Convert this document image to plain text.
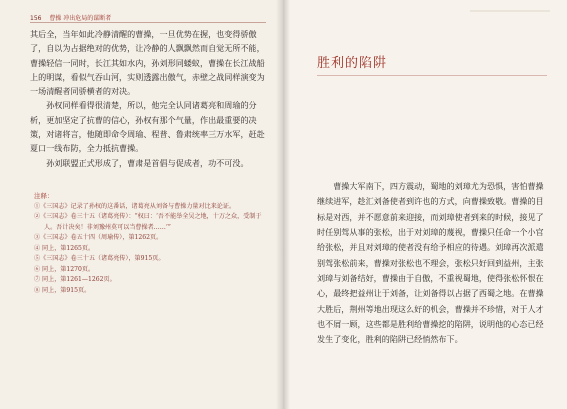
156 曹操 冲出危局的谋断者

其后全，当年如此冷静清醒的曹操，一旦优势在握，也变得骄傲了，自以为占据绝对的优势，让冷静的人飘飘然而自觉无所不能，曹操轻信一同时，长江其如水内，孙刘形同蝼蚁，曹操在长江战船上的明谋，看似气吞山河，实则透露出傲气，赤壁之战同样演变为一场清醒者同骄横者的对决。

孙权同样看得很清楚，所以，他完全认同诸葛亮和周瑜的分析，更加坚定了抗曹的信心，孙权有那个气量，作出最重要的决策，对诸将言，他随即命令周瑜、程普、鲁肃统率三万水军，赶赴夏口一线布防，全力抵抗曹操。

孙刘联盟正式形成了，曹肃是首倡与促成者，功不可没。

注释：

①《三国志》记录了孙权的这番话，诸葛亮从刘备与曹操力量对比来论证。

②《三国志》卷三十五（诸葛亮传）：“权曰：‘吾不能举全吴之地，十万之众，受制于人。吾计决矣！非刘豫州莫可以当曹操者……’”

③《三国志》卷五十四（周瑜传），第1262页。

④ 同上，第1265页。

⑤《三国志》卷三十五（诸葛亮传），第915页。

⑥ 同上，第1270页。

⑦ 同上，第1261—1262页。

⑧ 同上，第915页。

胜利的陷阱

曹操大军南下，四方震动，蜀地的刘璋尤为恐惧，害怕曹操继续进军，趁汇刘备使者到许也的方式，向曹操致敬。曹操的目标是对西，并不愿意前来迎接，而刘璋使者到来的时候，接见了时任别驾从事的张松，出于对刘璋的蔑视，曹操只任命一个小官给张松，并且对刘璋的使者没有给予相应的待遇。刘璋再次派遣别驾张松前来，曹操对张松也不理会，张松只好回到益州，主张刘璋与刘备结好，曹操由于自傲，不重视蜀地，使得张松怀恨在心，最终把益州让于刘备，让刘备得以占据了西蜀之地。在曹操大胜后，荆州等地出现这么好的机会，曹操并不珍惜，对于人才也不屑一顾，这些都是胜利给曹操挖的陷阱，说明他的心态已经发生了变化，胜利的陷阱已经悄然布下。
